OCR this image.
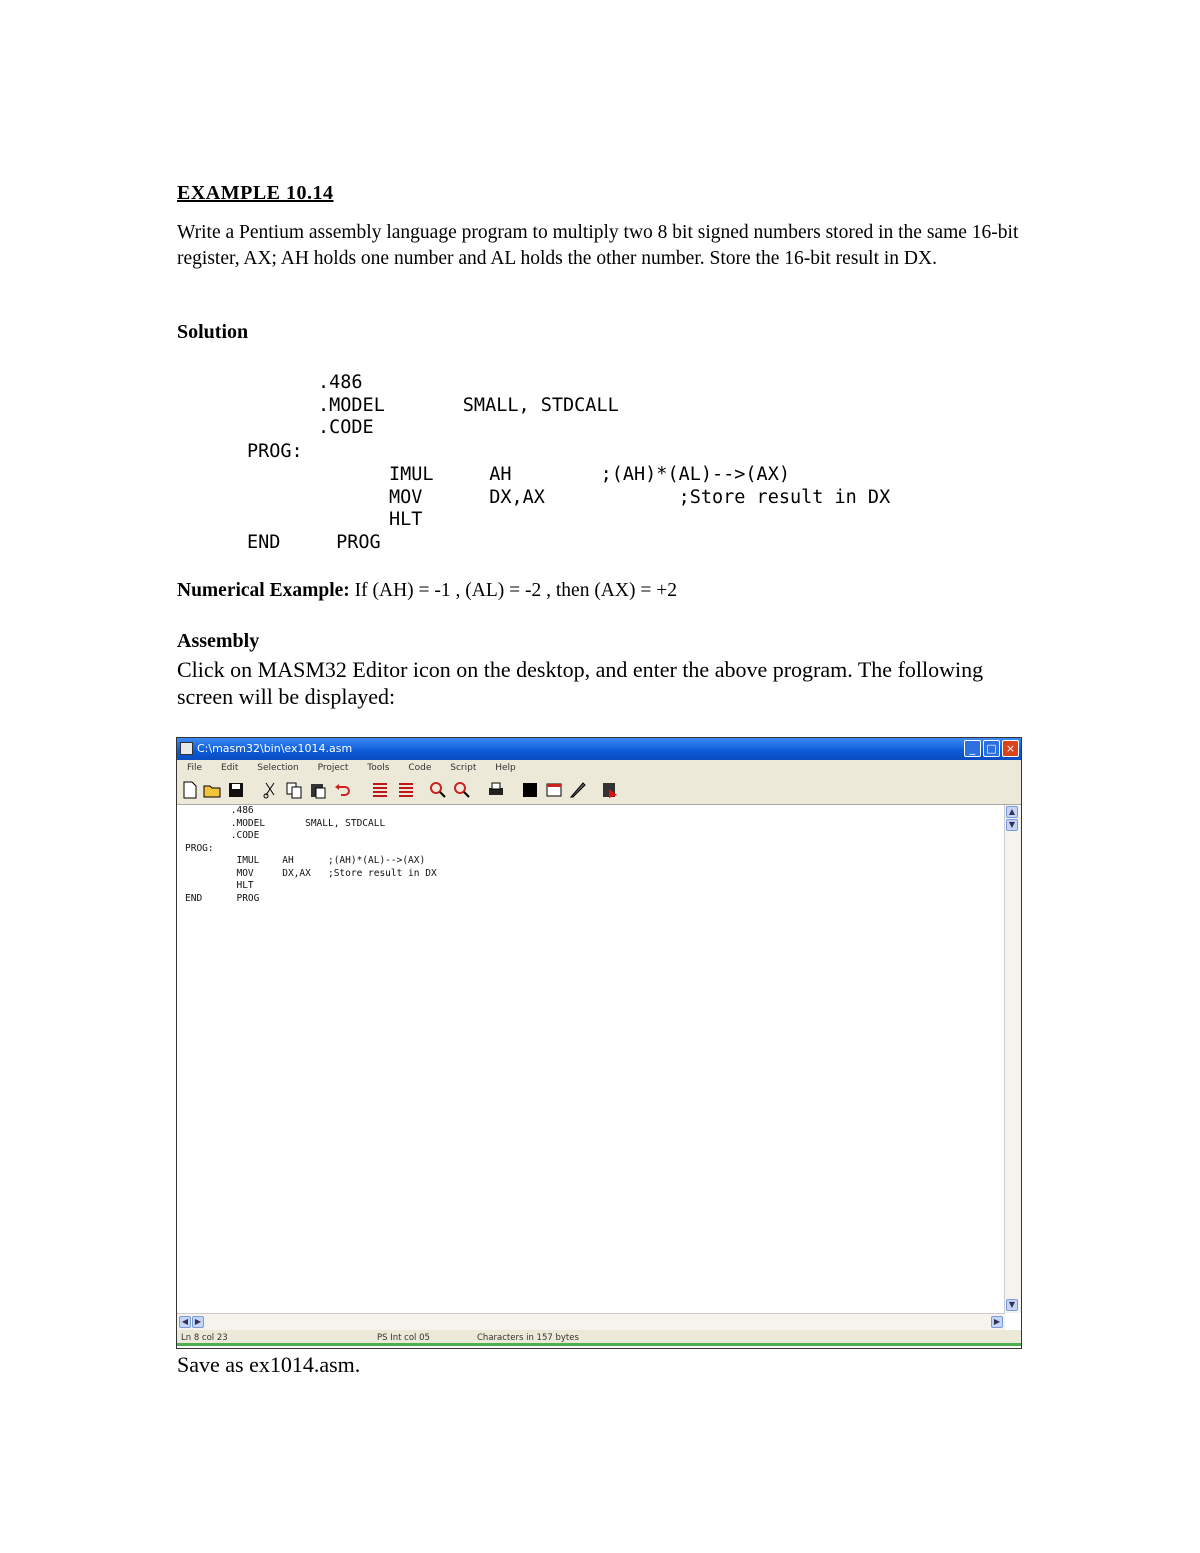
EXAMPLE 10.14
Write a Pentium assembly language program to multiply two 8 bit signed numbers stored in the same 16-bit register, AX; AH holds one number and AL holds the other number. Store the 16-bit result in DX.
Solution
.486
.MODEL       SMALL, STDCALL
.CODE
PROG:
IMUL     AH        ;(AH)*(AL)-->(AX)
MOV      DX,AX            ;Store result in DX
HLT
END     PROG
Numerical Example: If (AH) = -1 , (AL) = -2 , then (AX) = +2
Assembly
Click on MASM32 Editor icon on the desktop, and enter the above program. The following screen will be displayed:
C:\masm32\bin\ex1014.asm	_	□ ×
File Edit Selection Project Tools Code Script Help
.486
.MODEL       SMALL, STDCALL
.CODE
PROG:
IMUL    AH      ;(AH)*(AL)-->(AX)
MOV     DX,AX   ;Store result in DX
HLT
END      PROG
▲
▼
▼
◀ ▶	▶
Ln 8 col 23	PS Int col 05	Characters in 157 bytes
Save as ex1014.asm.
